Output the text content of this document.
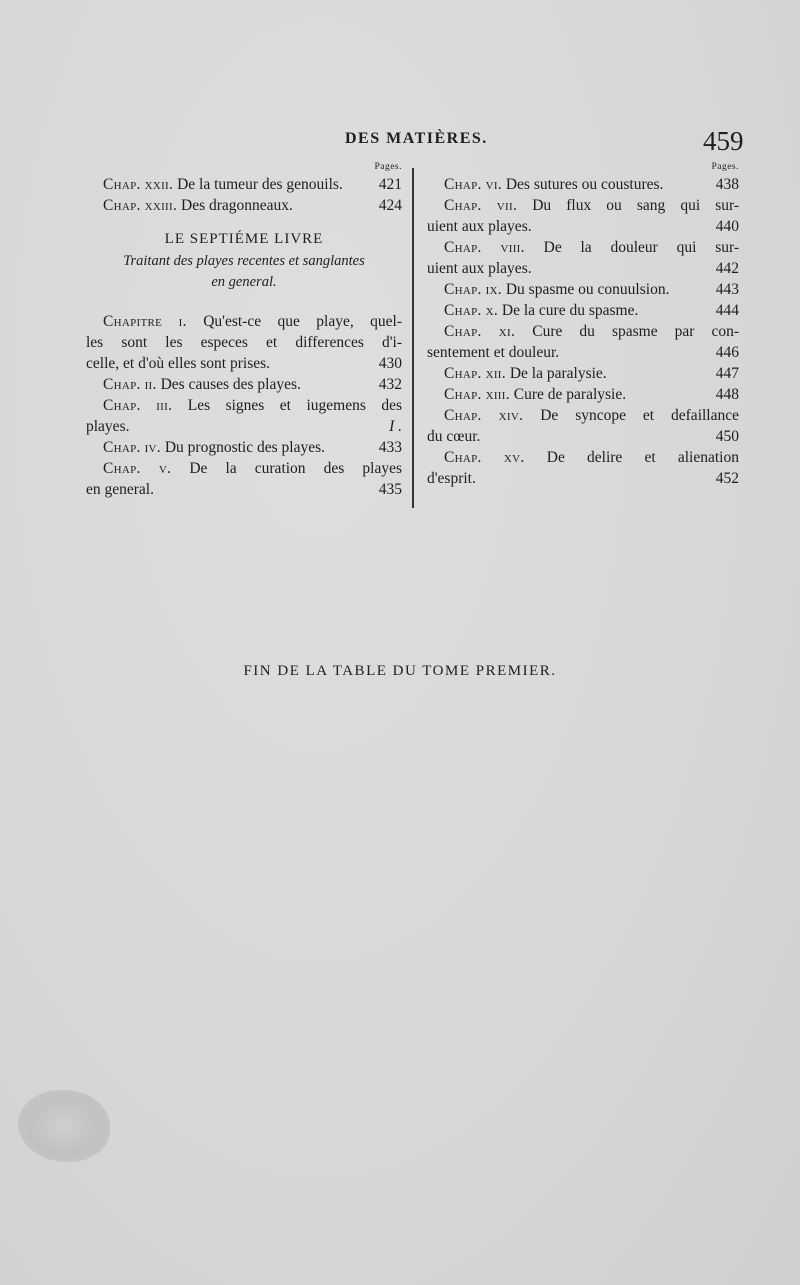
DES MATIÈRES.	459
Pages.
Chap. xxii. De la tumeur des genouils.	421
Chap. xxiii. Des dragonneaux.	424
LE SEPTIÉME LIVRE
Traitant des playes recentes et sanglantes
en general.
Chapitre i. Qu'est-ce que playe, quel-
les sont les especes et differences d'i-
celle, et d'où elles sont prises.	430
Chap. ii. Des causes des playes.	432
Chap. iii. Les signes et iugemens des
playes.	I .
Chap. iv. Du prognostic des playes.	433
Chap. v. De la curation des playes
en general.	435
Pages.
Chap. vi. Des sutures ou coustures.	438
Chap. vii. Du flux ou sang qui sur-
uient aux playes.	440
Chap. viii. De la douleur qui sur-
uient aux playes.	442
Chap. ix. Du spasme ou conuulsion.	443
Chap. x. De la cure du spasme.	444
Chap. xi. Cure du spasme par con-
sentement et douleur.	446
Chap. xii. De la paralysie.	447
Chap. xiii. Cure de paralysie.	448
Chap. xiv. De syncope et defaillance
du cœur.	450
Chap. xv. De delire et alienation
d'esprit.	452
FIN DE LA TABLE DU TOME PREMIER.
